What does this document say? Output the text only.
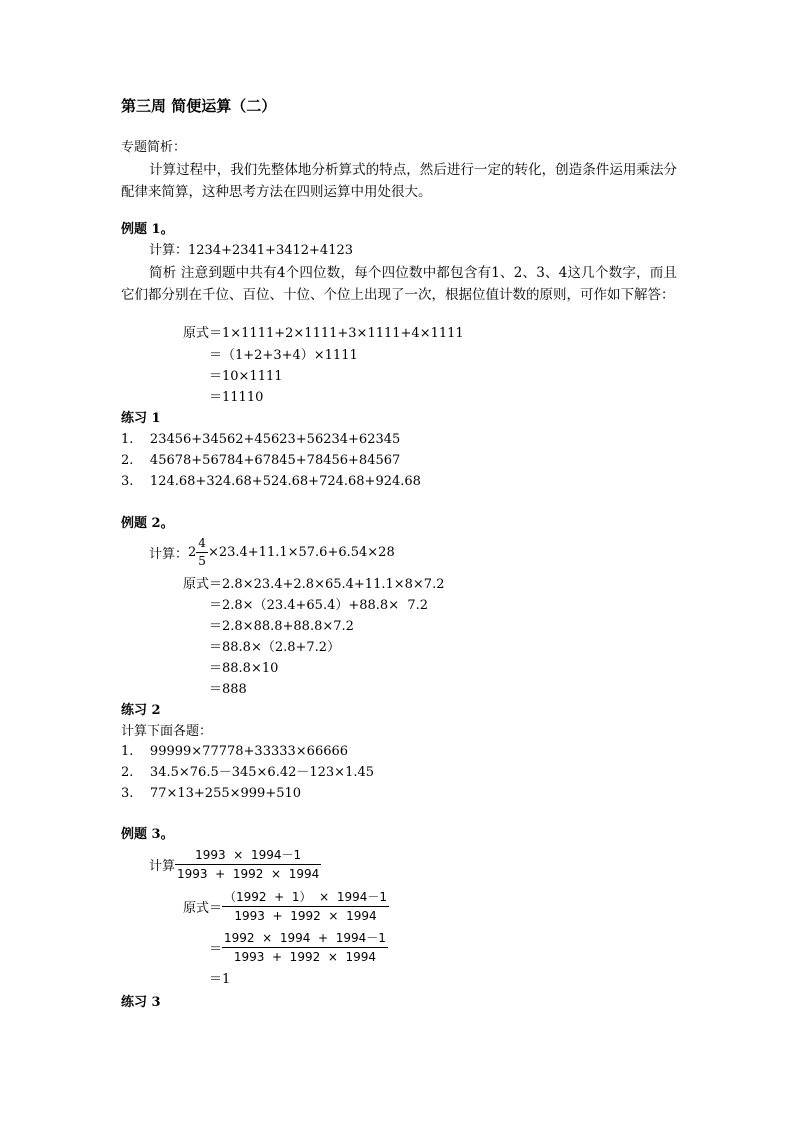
第三周 简便运算（二）
专题简析：
计算过程中，我们先整体地分析算式的特点，然后进行一定的转化，创造条件运用乘法分配律来简算，这种思考方法在四则运算中用处很大。
例题 1。
计算：1234+2341+3412+4123
简析 注意到题中共有4个四位数，每个四位数中都包含有1、2、3、4这几个数字，而且它们都分别在千位、百位、十位、个位上出现了一次，根据位值计数的原则，可作如下解答：
原式＝1×1111+2×1111+3×1111+4×1111
＝（1+2+3+4）×1111
＝10×1111
＝11110
练习 1
1.    23456+34562+45623+56234+62345
2.    45678+56784+67845+78456+84567
3.    124.68+324.68+524.68+724.68+924.68
例题 2。
计算：$2 \frac{4}{5} \times 23.4+11.1\times 57.6+6.54\times 28$
原式＝2.8×23.4+2.8×65.4+11.1×8×7.2
＝2.8×（23.4+65.4）+88.8×  7.2
＝2.8×88.8+88.8×7.2
＝88.8×（2.8+7.2）
＝88.8×10
＝888
练习 2
计算下面各题：
1.    99999×77778+33333×66666
2.    34.5×76.5－345×6.42－123×1.45
3.    77×13+255×999+510
例题 3。
计算 $\frac{1993 \times 1994-1}{1993 + 1992 \times 1994}$
原式＝ $\frac{(1992 + 1) \times 1994-1}{1993 + 1992 \times 1994}$
＝ $\frac{1992 \times 1994 + 1994-1}{1993 + 1992 \times 1994}$
＝1
练习 3
